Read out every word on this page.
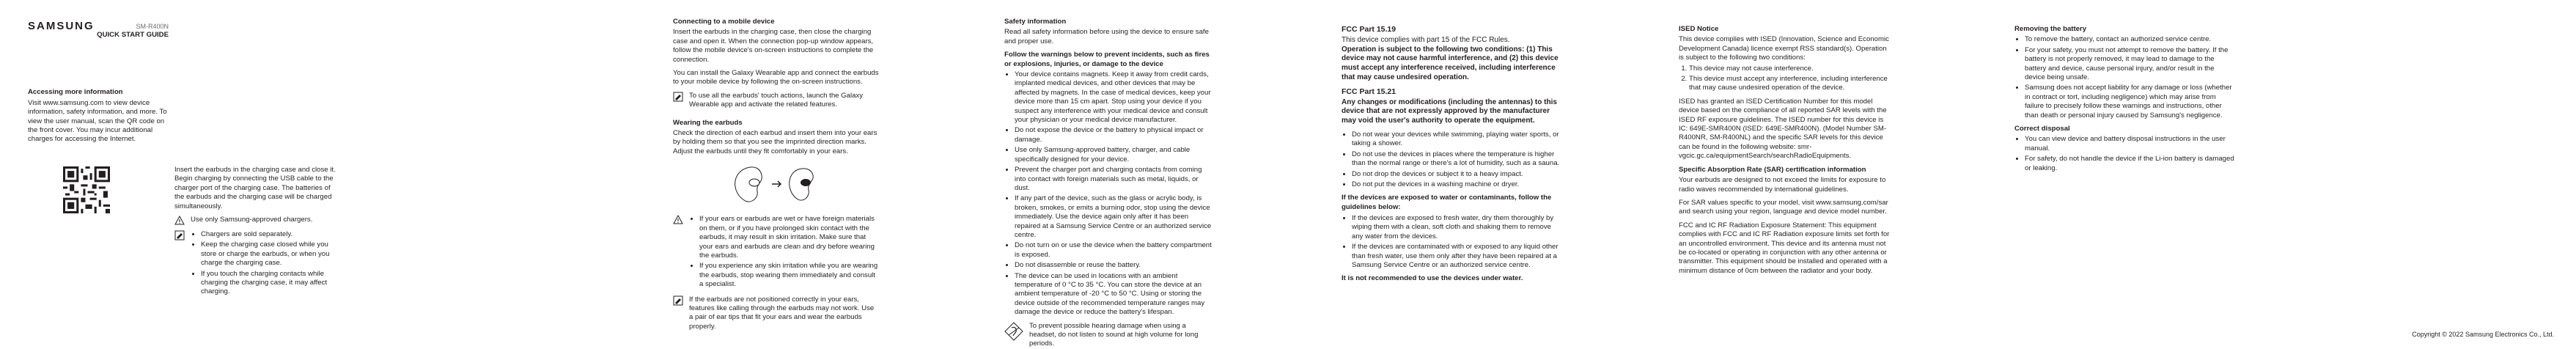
SAMSUNG	SM-R400N
QUICK START GUIDE
Accessing more information

Visit www.samsung.com to view device information, safety information, and more. To view the user manual, scan the QR code on the front cover. You may incur additional charges for accessing the Internet.

Insert the earbuds in the charging case and close it. Begin charging by connecting the USB cable to the charger port of the charging case. The batteries of the earbuds and the charging case will be charged simultaneously.

Use only Samsung-approved chargers.
• Chargers are sold separately.
• Keep the charging case closed while you store or charge the earbuds, or when you charge the charging case.
• If you touch the charging contacts while charging the charging case, it may affect charging.
Connecting to a mobile device

Insert the earbuds in the charging case, then close the charging case and open it. When the connection pop-up window appears, follow the mobile device's on-screen instructions to complete the connection.

You can install the Galaxy Wearable app and connect the earbuds to your mobile device by following the on-screen instructions.

To use all the earbuds' touch actions, launch the Galaxy Wearable app and activate the related features.
Wearing the earbuds

Check the direction of each earbud and insert them into your ears by holding them so that you see the imprinted direction marks. Adjust the earbuds until they fit comfortably in your ears.

• If your ears or earbuds are wet or have foreign materials on them, or if you have prolonged skin contact with the earbuds, it may result in skin irritation. Make sure that your ears and earbuds are clean and dry before wearing the earbuds.
• If you experience any skin irritation while you are wearing the earbuds, stop wearing them immediately and consult a specialist.
If the earbuds are not positioned correctly in your ears, features like calling through the earbuds may not work. Use a pair of ear tips that fit your ears and wear the earbuds properly.
Safety information

Read all safety information before using the device to ensure safe and proper use.

Follow the warnings below to prevent incidents, such as fires or explosions, injuries, or damage to the device
• Your device contains magnets. Keep it away from credit cards, implanted medical devices, and other devices that may be affected by magnets. In the case of medical devices, keep your device more than 15 cm apart. Stop using your device if you suspect any interference with your medical device and consult your physician or your medical device manufacturer.
• Do not expose the device or the battery to physical impact or damage.
• Use only Samsung-approved battery, charger, and cable specifically designed for your device.
• Prevent the charger port and charging contacts from coming into contact with foreign materials such as metal, liquids, or dust.
• If any part of the device, such as the glass or acrylic body, is broken, smokes, or emits a burning odor, stop using the device immediately. Use the device again only after it has been repaired at a Samsung Service Centre or an authorized service centre.
• Do not turn on or use the device when the battery compartment is exposed.
• Do not disassemble or reuse the battery.
• The device can be used in locations with an ambient temperature of 0 °C to 35 °C. You can store the device at an ambient temperature of -20 °C to 50 °C. Using or storing the device outside of the recommended temperature ranges may damage the device or reduce the battery's lifespan.
To prevent possible hearing damage when using a headset, do not listen to sound at high volume for long periods.
FCC Part 15.19

This device complies with part 15 of the FCC Rules.

Operation is subject to the following two conditions: (1) This device may not cause harmful interference, and (2) this device must accept any interference received, including interference that may cause undesired operation.

FCC Part 15.21

Any changes or modifications (including the antennas) to this device that are not expressly approved by the manufacturer may void the user's authority to operate the equipment.

• Do not wear your devices while swimming, playing water sports, or taking a shower.
• Do not use the devices in places where the temperature is higher than the normal range or there's a lot of humidity, such as a sauna.
• Do not drop the devices or subject it to a heavy impact.
• Do not put the devices in a washing machine or dryer.
If the devices are exposed to water or contaminants, follow the guidelines below:
• If the devices are exposed to fresh water, dry them thoroughly by wiping them with a clean, soft cloth and shaking them to remove any water from the devices.
• If the devices are contaminated with or exposed to any liquid other than fresh water, use them only after they have been repaired at a Samsung Service Centre or an authorized service centre.
It is not recommended to use the devices under water.
ISED Notice

This device complies with ISED (Innovation, Science and Economic Development Canada) licence exempt RSS standard(s). Operation is subject to the following two conditions:

1. This device may not cause interference.
2. This device must accept any interference, including interference that may cause undesired operation of the device.

ISED has granted an ISED Certification Number for this model device based on the compliance of all reported SAR levels with the ISED RF exposure guidelines. The ISED number for this device is IC: 649E-SMR400N (ISED: 649E-SMR400N). (Model Number SM-R400NR, SM-R400NL) and the specific SAR levels for this device can be found in the following website: smr-vgcic.gc.ca/equipmentSearch/searchRadioEquipments.

Specific Absorption Rate (SAR) certification information

Your earbuds are designed to not exceed the limits for exposure to radio waves recommended by international guidelines.

For SAR values specific to your model, visit www.samsung.com/sar and search using your region, language and device model number.

FCC and IC RF Radiation Exposure Statement: This equipment complies with FCC and IC RF Radiation exposure limits set forth for an uncontrolled environment. This device and its antenna must not be co-located or operating in conjunction with any other antenna or transmitter. This equipment should be installed and operated with a minimum distance of 0cm between the radiator and your body.

Removing the battery
• To remove the battery, contact an authorized service centre.
• For your safety, you must not attempt to remove the battery. If the battery is not properly removed, it may lead to damage to the battery and device, cause personal injury, and/or result in the device being unsafe.
• Samsung does not accept liability for any damage or loss (whether in contract or tort, including negligence) which may arise from failure to precisely follow these warnings and instructions, other than death or personal injury caused by Samsung's negligence.
Correct disposal
• You can view device and battery disposal instructions in the user manual.
• For safety, do not handle the device if the Li-ion battery is damaged or leaking.
Copyright © 2022 Samsung Electronics Co., Ltd.
